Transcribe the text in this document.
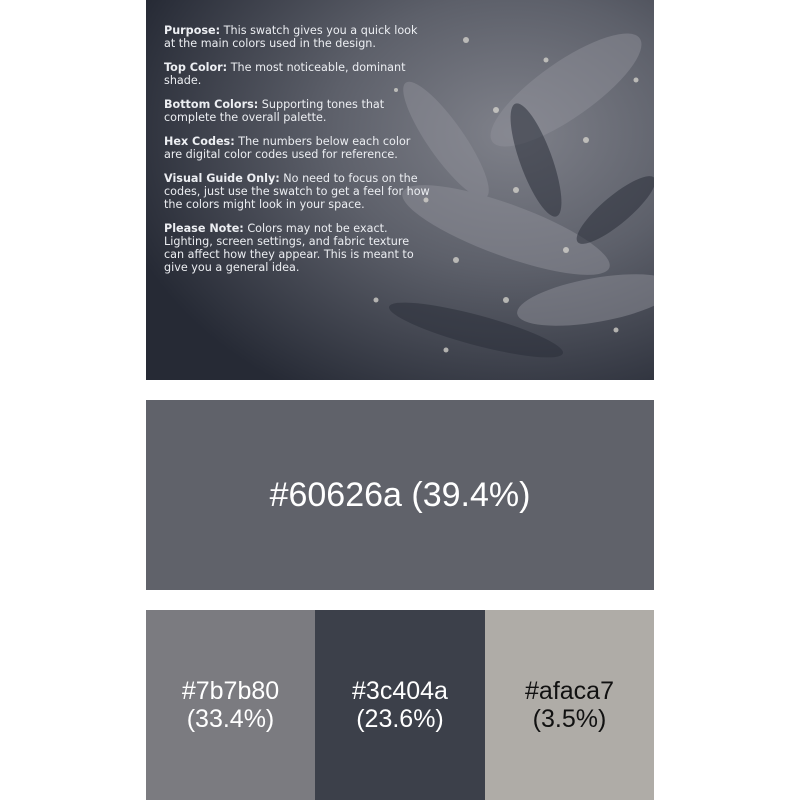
Purpose: This swatch gives you a quick look at the main colors used in the design.

Top Color: The most noticeable, dominant shade.

Bottom Colors: Supporting tones that complete the overall palette.

Hex Codes: The numbers below each color are digital color codes used for reference.

Visual Guide Only: No need to focus on the codes, just use the swatch to get a feel for how the colors might look in your space.

Please Note: Colors may not be exact. Lighting, screen settings, and fabric texture can affect how they appear. This is meant to give you a general idea.

#60626a (39.4%)
#7b7b80
(33.4%)
#3c404a
(23.6%)
#afaca7
(3.5%)
